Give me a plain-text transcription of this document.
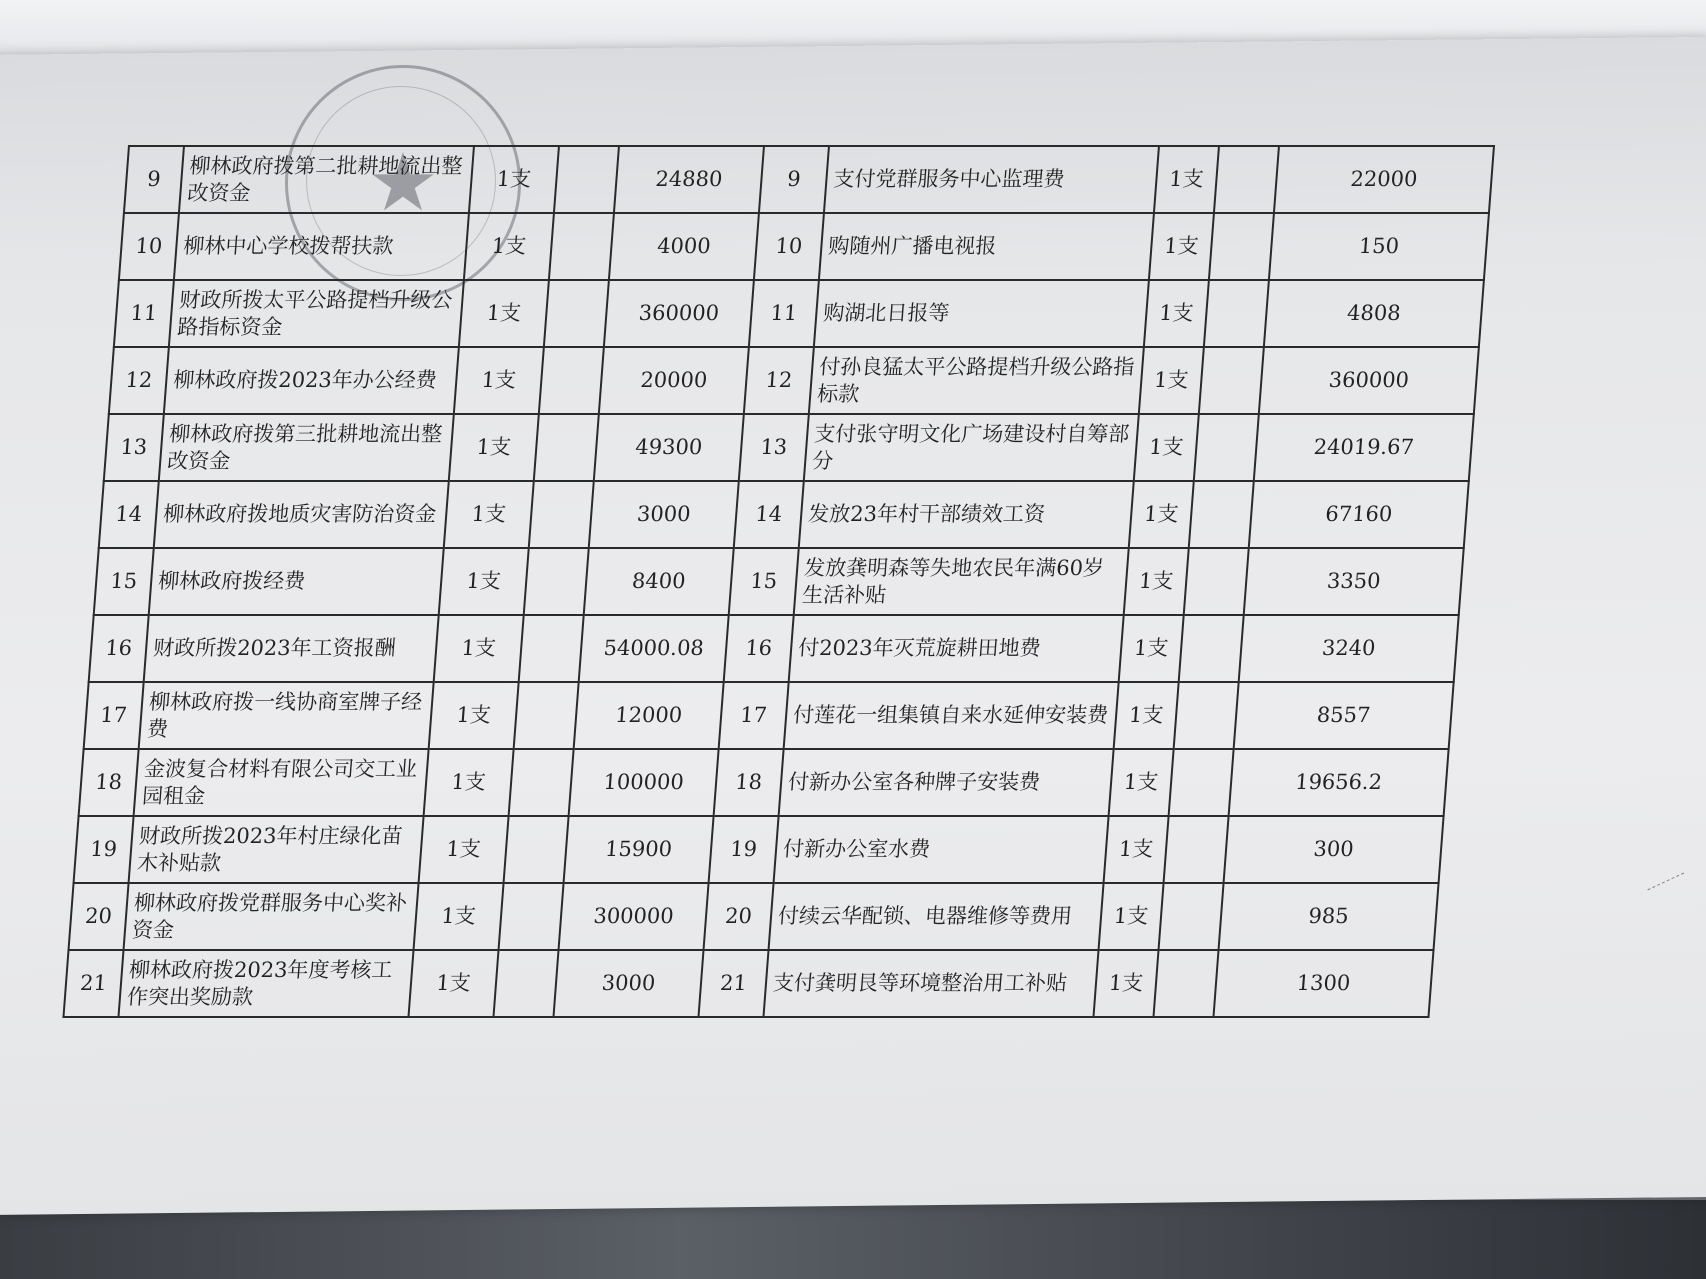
★
9	柳林政府拨第二批耕地流出整改资金	1支		24880	9	支付党群服务中心监理费	1支		22000
10	柳林中心学校拨帮扶款	1支		4000	10	购随州广播电视报	1支		150
11	财政所拨太平公路提档升级公路指标资金	1支		360000	11	购湖北日报等	1支		4808
12	柳林政府拨2023年办公经费	1支		20000	12	付孙良猛太平公路提档升级公路指标款	1支		360000
13	柳林政府拨第三批耕地流出整改资金	1支		49300	13	支付张守明文化广场建设村自筹部分	1支		24019.67
14	柳林政府拨地质灾害防治资金	1支		3000	14	发放23年村干部绩效工资	1支		67160
15	柳林政府拨经费	1支		8400	15	发放龚明森等失地农民年满60岁生活补贴	1支		3350
16	财政所拨2023年工资报酬	1支		54000.08	16	付2023年灭荒旋耕田地费	1支		3240
17	柳林政府拨一线协商室牌子经费	1支		12000	17	付莲花一组集镇自来水延伸安装费	1支		8557
18	金波复合材料有限公司交工业园租金	1支		100000	18	付新办公室各种牌子安装费	1支		19656.2
19	财政所拨2023年村庄绿化苗木补贴款	1支		15900	19	付新办公室水费	1支		300
20	柳林政府拨党群服务中心奖补资金	1支		300000	20	付续云华配锁、电器维修等费用	1支		985
21	柳林政府拨2023年度考核工作突出奖励款	1支		3000	21	支付龚明艮等环境整治用工补贴	1支		1300
